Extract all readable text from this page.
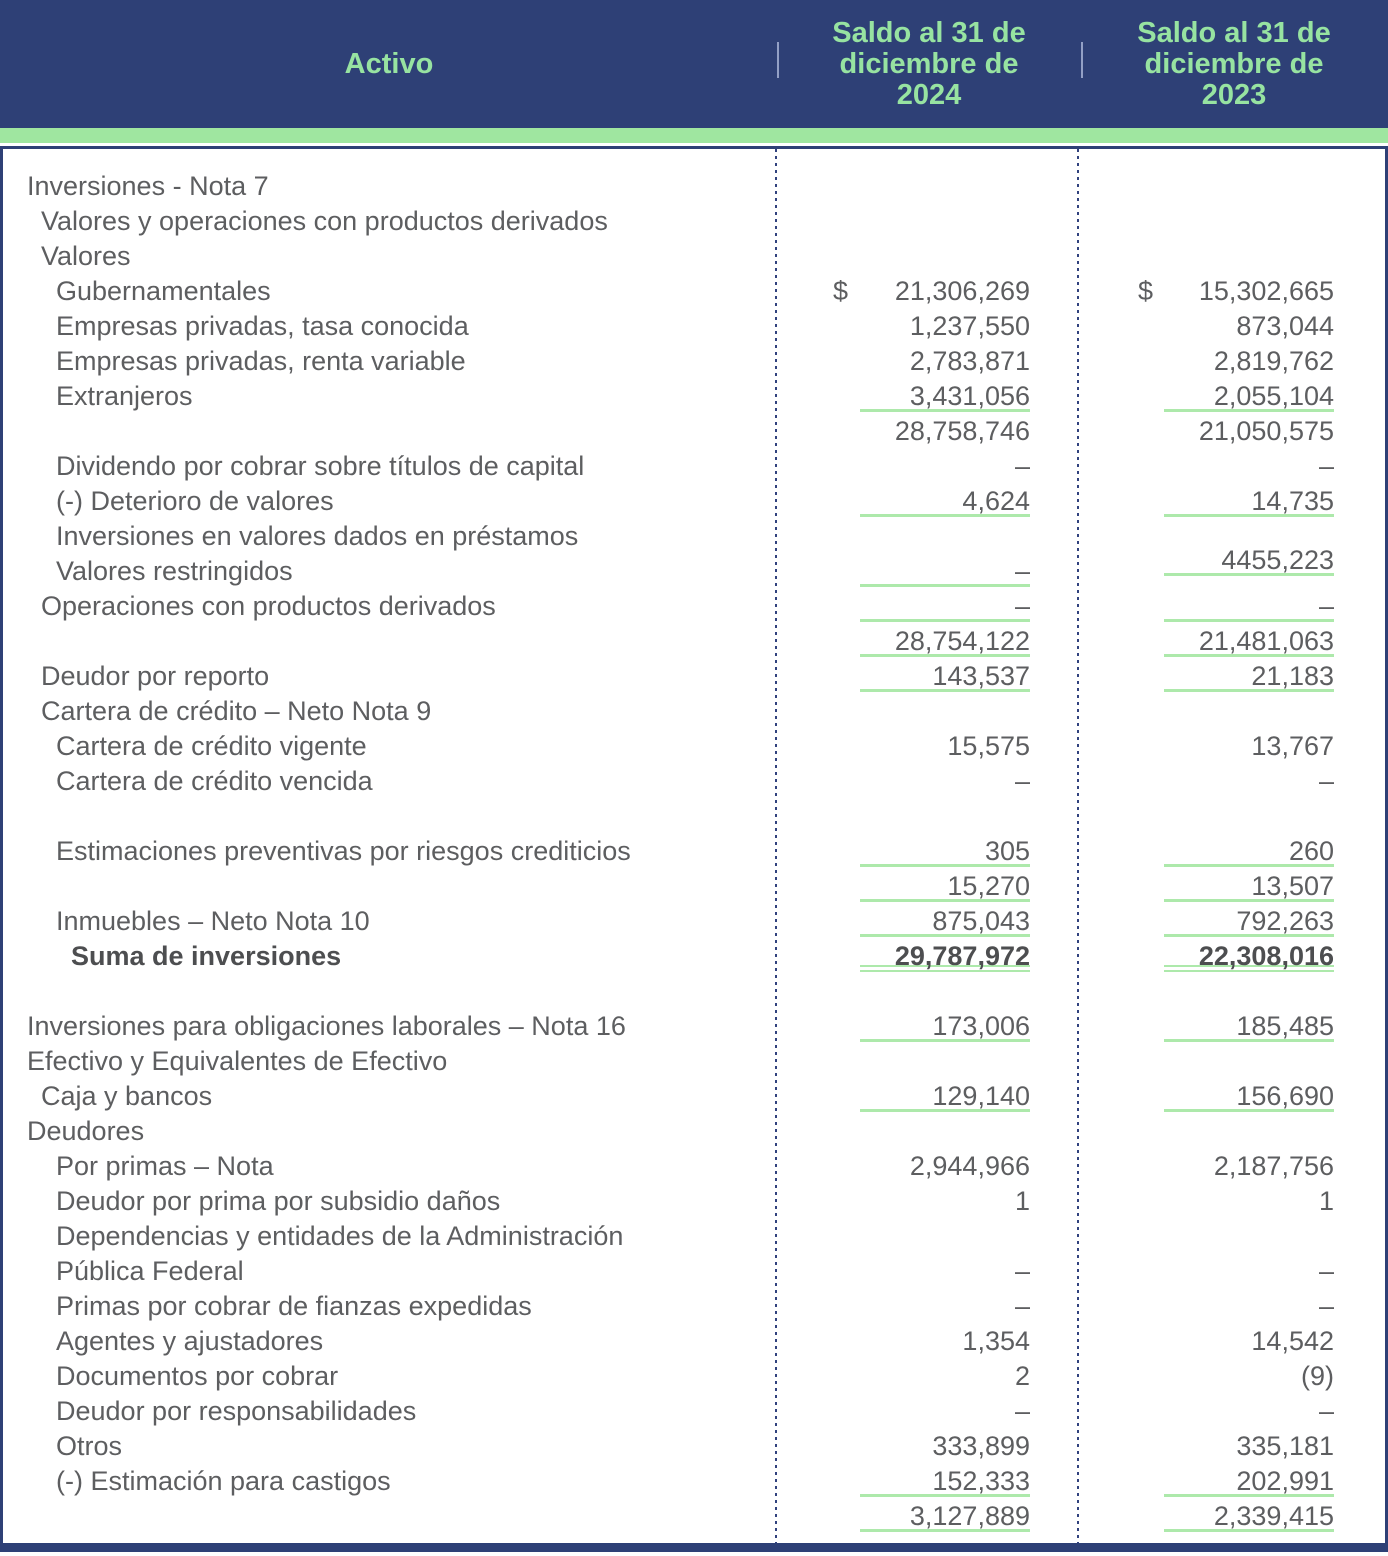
Activo
Saldo al 31 de diciembre de 2024
Saldo al 31 de diciembre de 2023
Inversiones - Nota 7
Valores y operaciones con productos derivados
Valores
Gubernamentales	$ 21,306,269	$ 15,302,665
Empresas privadas, tasa conocida	1,237,550	873,044
Empresas privadas, renta variable	2,783,871	2,819,762
Extranjeros	3,431,056	2,055,104
28,758,746	21,050,575
Dividendo por cobrar sobre títulos de capital	–	–
(-) Deterioro de valores	4,624	14,735
Inversiones en valores dados en préstamos
Valores restringidos	–	4455,223
Operaciones con productos derivados	–	–
28,754,122	21,481,063
Deudor por reporto	143,537	21,183
Cartera de crédito – Neto Nota 9
Cartera de crédito vigente	15,575	13,767
Cartera de crédito vencida	–	–
Estimaciones preventivas por riesgos crediticios	305	260
15,270	13,507
Inmuebles – Neto Nota 10	875,043	792,263
Suma de inversiones	29,787,972	22,308,016
Inversiones para obligaciones laborales – Nota 16	173,006	185,485
Efectivo y Equivalentes de Efectivo
Caja y bancos	129,140	156,690
Deudores
Por primas – Nota	2,944,966	2,187,756
Deudor por prima por subsidio daños	1	1
Dependencias y entidades de la Administración
Pública Federal	–	–
Primas por cobrar de fianzas expedidas	–	–
Agentes y ajustadores	1,354	14,542
Documentos por cobrar	2	(9)
Deudor por responsabilidades	–	–
Otros	333,899	335,181
(-) Estimación para castigos	152,333	202,991
3,127,889	2,339,415
